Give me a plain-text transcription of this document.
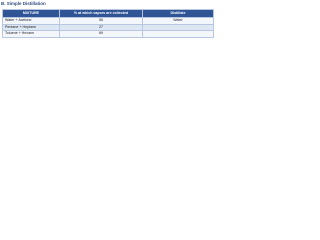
B. Simple Distillation
MIXTURE	% at which vapors are collected	Distillate
Water + Acetone	56	Water
Pentane + Heptane	27	
Toluene + Hexane	69	
